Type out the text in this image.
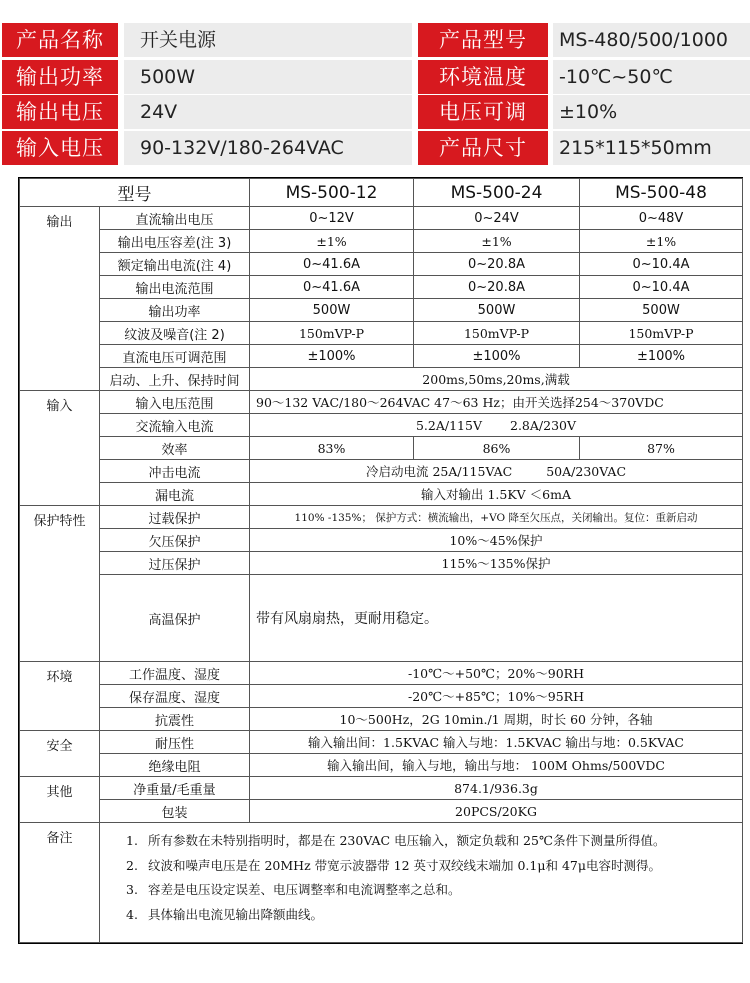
产品名称	开关电源	产品型号	MS-480/500/1000
输出功率	500W	环境温度	-10℃~50℃
输出电压	24V	电压可调	±10%
输入电压	90-132V/180-264VAC	产品尺寸	215*115*50mm
型号		MS-500-12	MS-500-24	MS-500-48
输出	直流输出电压	0~12V	0~24V	0~48V
	输出电压容差(注 3)	±1%	±1%	±1%
	额定输出电流(注 4)	0~41.6A	0~20.8A	0~10.4A
	输出电流范围	0~41.6A	0~20.8A	0~10.4A
	输出功率	500W	500W	500W
	纹波及噪音(注 2)	150mVP-P	150mVP-P	150mVP-P
	直流电压可调范围	±100%	±100%	±100%
	启动、上升、保持时间	200ms,50ms,20ms,满载		
输入	输入电压范围	90～132 VAC/180～264VAC 47～63 Hz；由开关选择254～370VDC		
	交流输入电流	5.2A/115V 2.8A/230V		
	效率	83%	86%	87%
	冲击电流	冷启动电流 25A/115VAC 50A/230VAC		
	漏电流	输入对输出 1.5KV ＜6mA		
保护特性	过载保护	110% -135%； 保护方式：横流输出，+VO 降至欠压点，关闭输出。复位：重新启动		
	欠压保护	10%～45%保护		
	过压保护	115%～135%保护		
	高温保护	带有风扇扇热，更耐用稳定。		
环境	工作温度、湿度	-10℃～+50℃；20%～90RH		
	保存温度、湿度	-20℃～+85℃；10%～95RH		
	抗震性	10～500Hz，2G 10min./1 周期，时长 60 分钟，各轴		
安全	耐压性	输入输出间：1.5KVAC 输入与地：1.5KVAC 输出与地：0.5KVAC		
	绝缘电阻	输入输出间，输入与地，输出与地： 100M Ohms/500VDC		
其他	净重量/毛重量	874.1/936.3g		
	包装	20PCS/20KG		
备注	1. 所有参数在未特别指明时，都是在 230VAC 电压输入，额定负载和 25℃条件下测量所得值。
2. 纹波和噪声电压是在 20MHz 带宽示波器带 12 英寸双绞线末端加 0.1μ和 47μ电容时测得。
3. 容差是电压设定误差、电压调整率和电流调整率之总和。
4. 具体输出电流见输出降额曲线。			
